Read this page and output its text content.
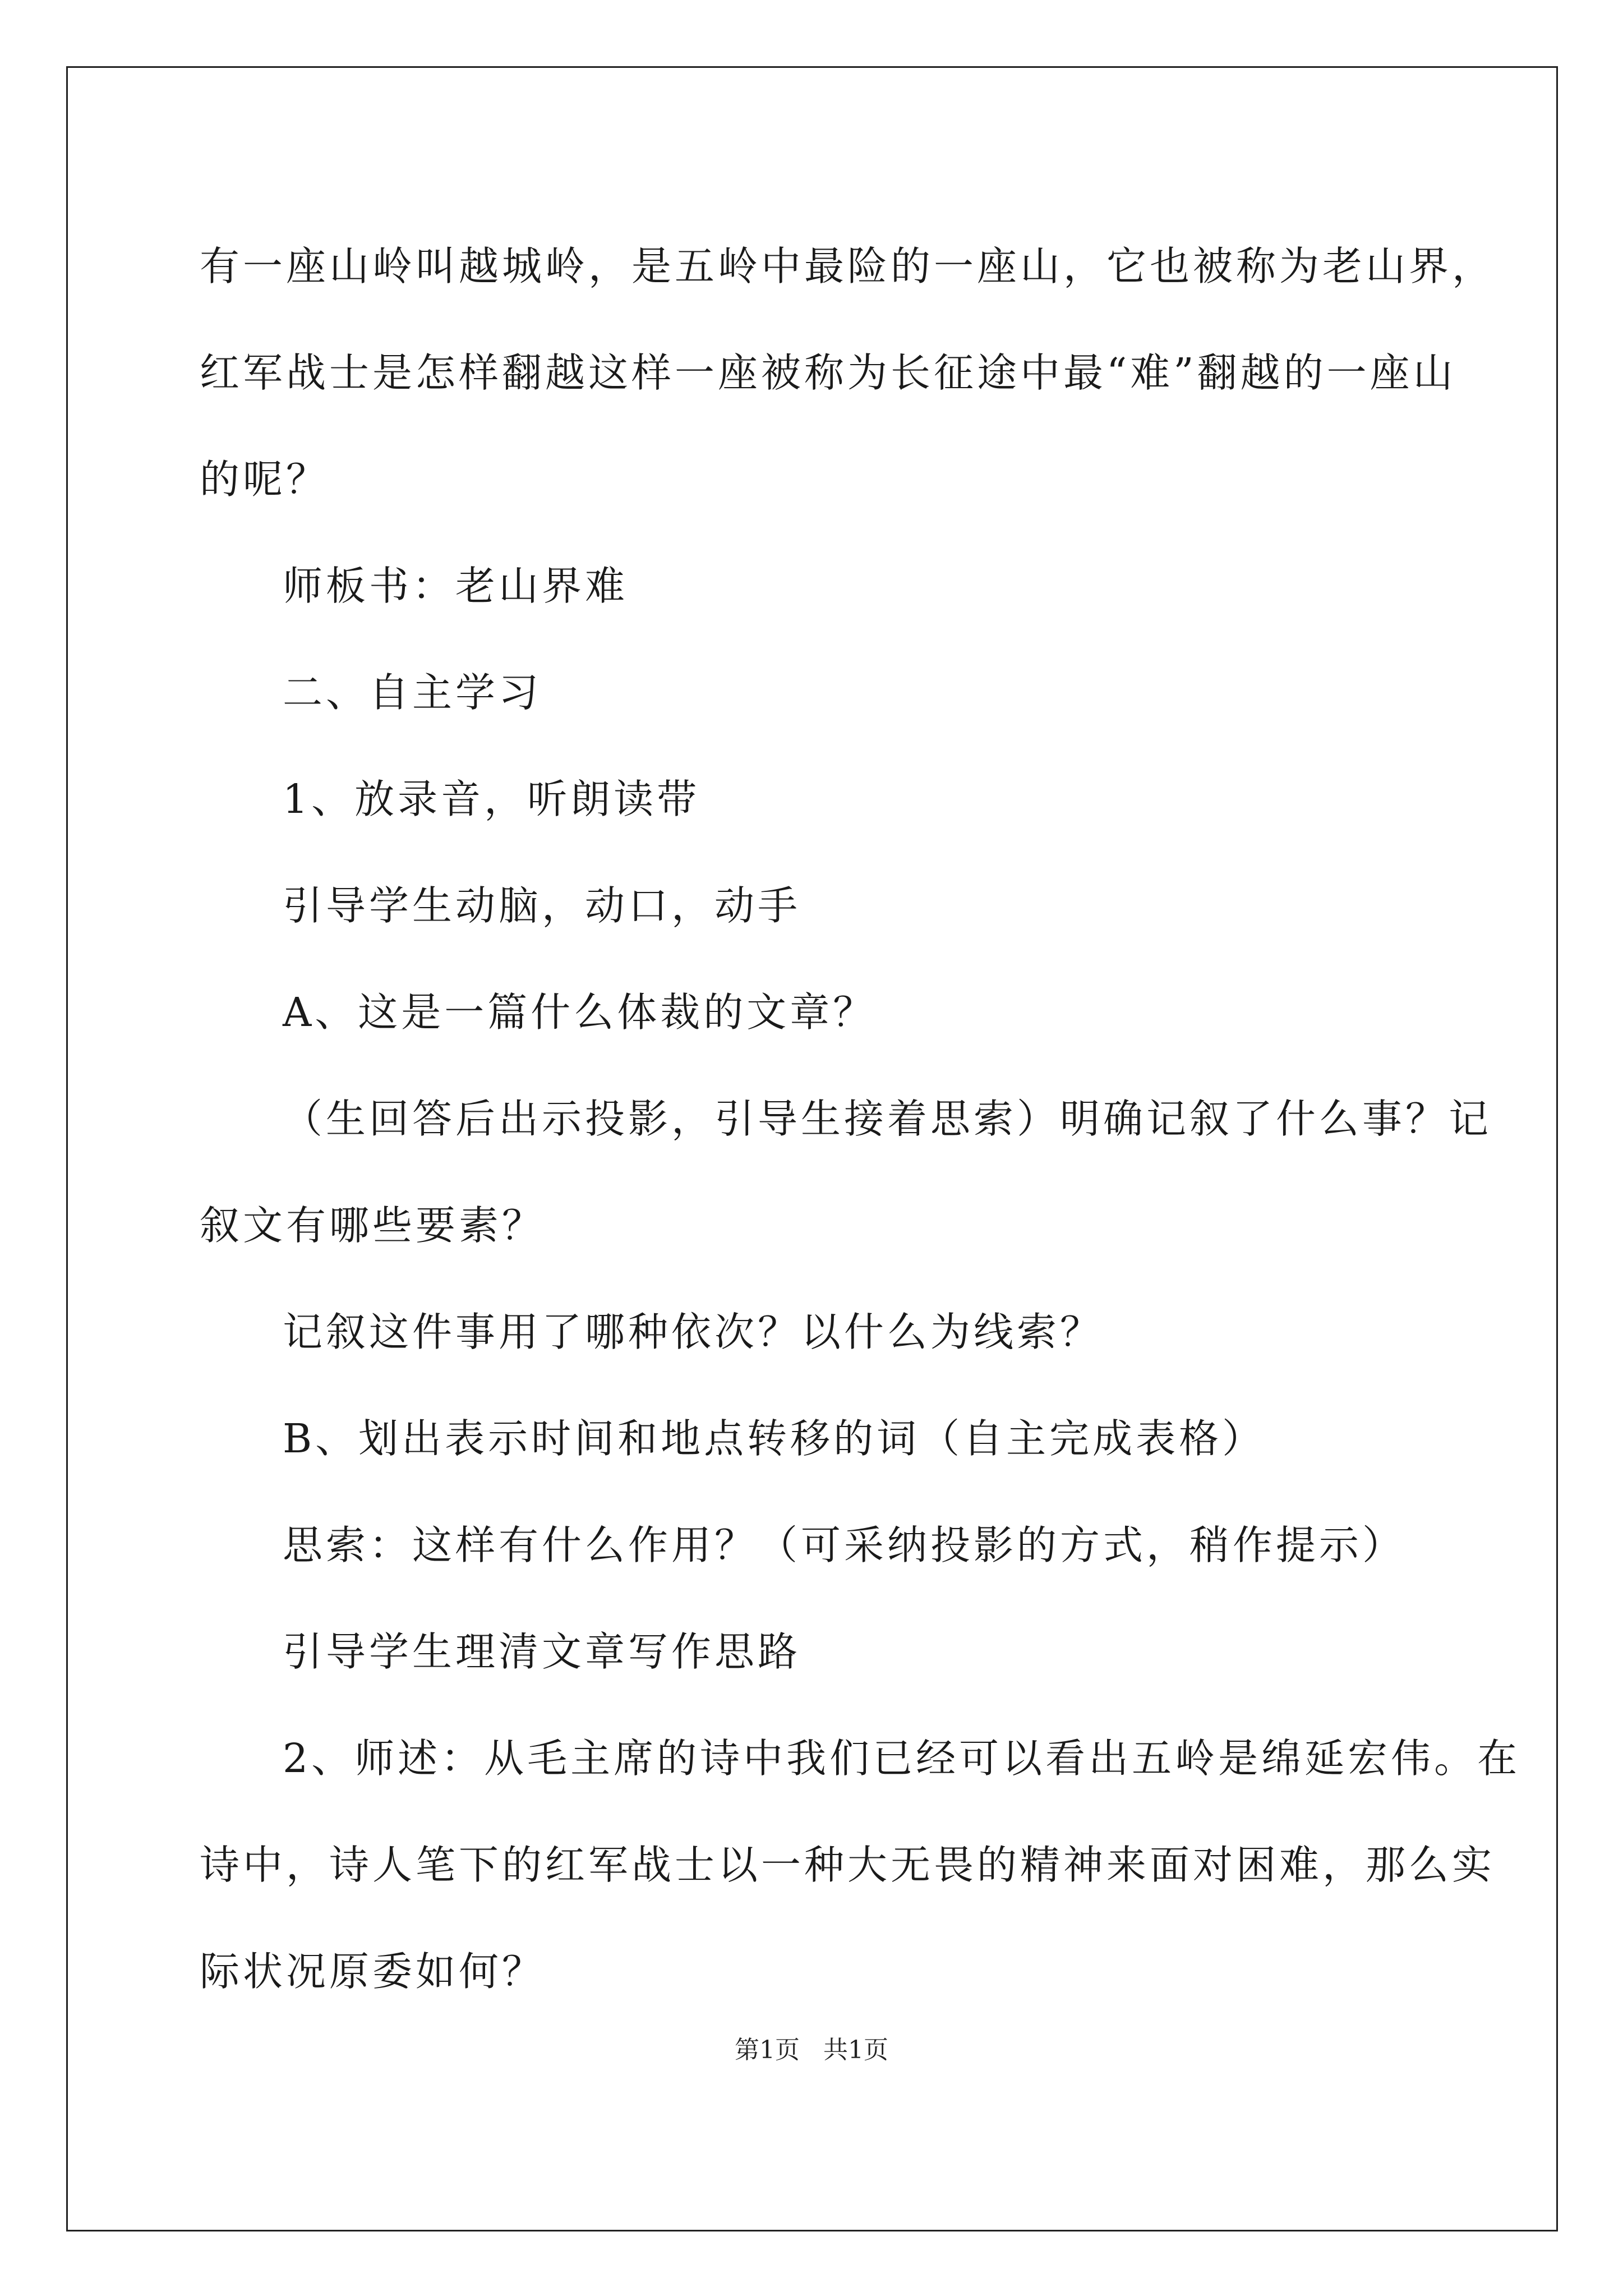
有一座山岭叫越城岭，是五岭中最险的一座山，它也被称为老山界，
红军战士是怎样翻越这样一座被称为长征途中最“难”翻越的一座山
的呢？
师板书：老山界难
二、自主学习
1、放录音，听朗读带
引导学生动脑，动口，动手
A、这是一篇什么体裁的文章？
（生回答后出示投影，引导生接着思索）明确记叙了什么事？记
叙文有哪些要素？
记叙这件事用了哪种依次？以什么为线索？
B、划出表示时间和地点转移的词（自主完成表格）
思索：这样有什么作用？（可采纳投影的方式，稍作提示）
引导学生理清文章写作思路
2、师述：从毛主席的诗中我们已经可以看出五岭是绵延宏伟。在
诗中，诗人笔下的红军战士以一种大无畏的精神来面对困难，那么实
际状况原委如何？
第1页 共1页
